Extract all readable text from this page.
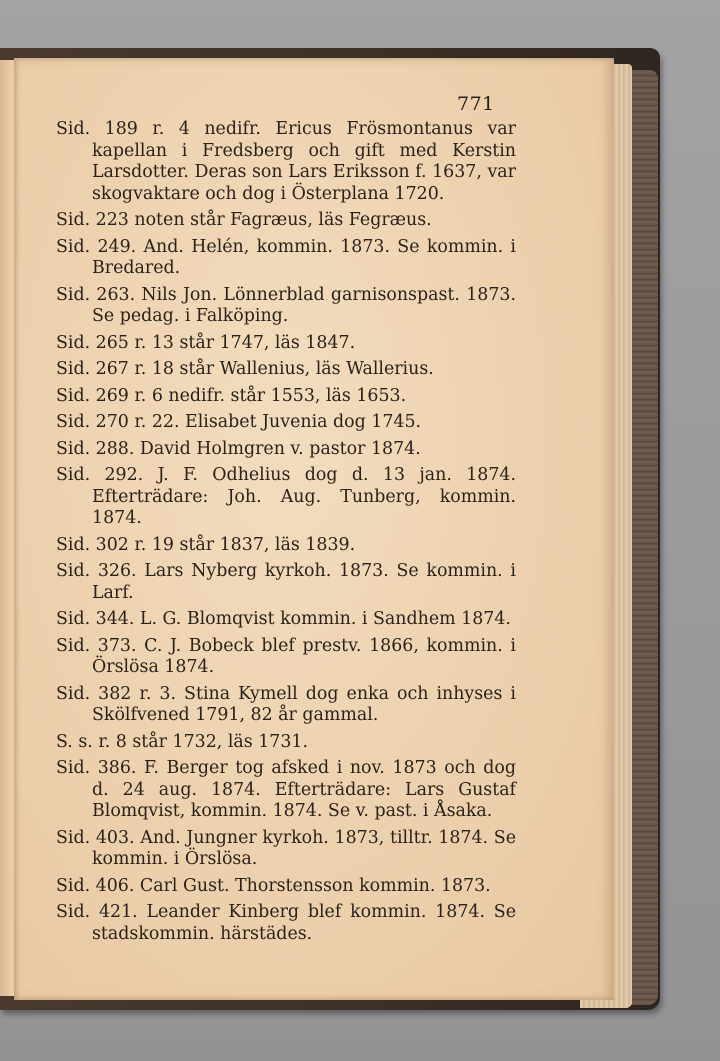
771

Sid. 189 r. 4 nedifr. Ericus Frösmontanus var kapellan i Fredsberg och gift med Kerstin Larsdotter. Deras son Lars Eriksson f. 1637, var skogvaktare och dog i Österplana 1720.

Sid. 223 noten står Fagræus, läs Fegræus.

Sid. 249. And. Helén, kommin. 1873. Se kommin. i Bredared.

Sid. 263. Nils Jon. Lönnerblad garnisonspast. 1873. Se pedag. i Falköping.

Sid. 265 r. 13 står 1747, läs 1847.

Sid. 267 r. 18 står Wallenius, läs Wallerius.

Sid. 269 r. 6 nedifr. står 1553, läs 1653.

Sid. 270 r. 22. Elisabet Juvenia dog 1745.

Sid. 288. David Holmgren v. pastor 1874.

Sid. 292. J. F. Odhelius dog d. 13 jan. 1874. Efterträdare: Joh. Aug. Tunberg, kommin. 1874.

Sid. 302 r. 19 står 1837, läs 1839.

Sid. 326. Lars Nyberg kyrkoh. 1873. Se kommin. i Larf.

Sid. 344. L. G. Blomqvist kommin. i Sandhem 1874.

Sid. 373. C. J. Bobeck blef prestv. 1866, kommin. i Örslösa 1874.

Sid. 382 r. 3. Stina Kymell dog enka och inhyses i Skölfvened 1791, 82 år gammal.

S. s. r. 8 står 1732, läs 1731.

Sid. 386. F. Berger tog afsked i nov. 1873 och dog d. 24 aug. 1874. Efterträdare: Lars Gustaf Blomqvist, kommin. 1874. Se v. past. i Åsaka.

Sid. 403. And. Jungner kyrkoh. 1873, tilltr. 1874. Se kommin. i Örslösa.

Sid. 406. Carl Gust. Thorstensson kommin. 1873.

Sid. 421. Leander Kinberg blef kommin. 1874. Se stadskommin. härstädes.
